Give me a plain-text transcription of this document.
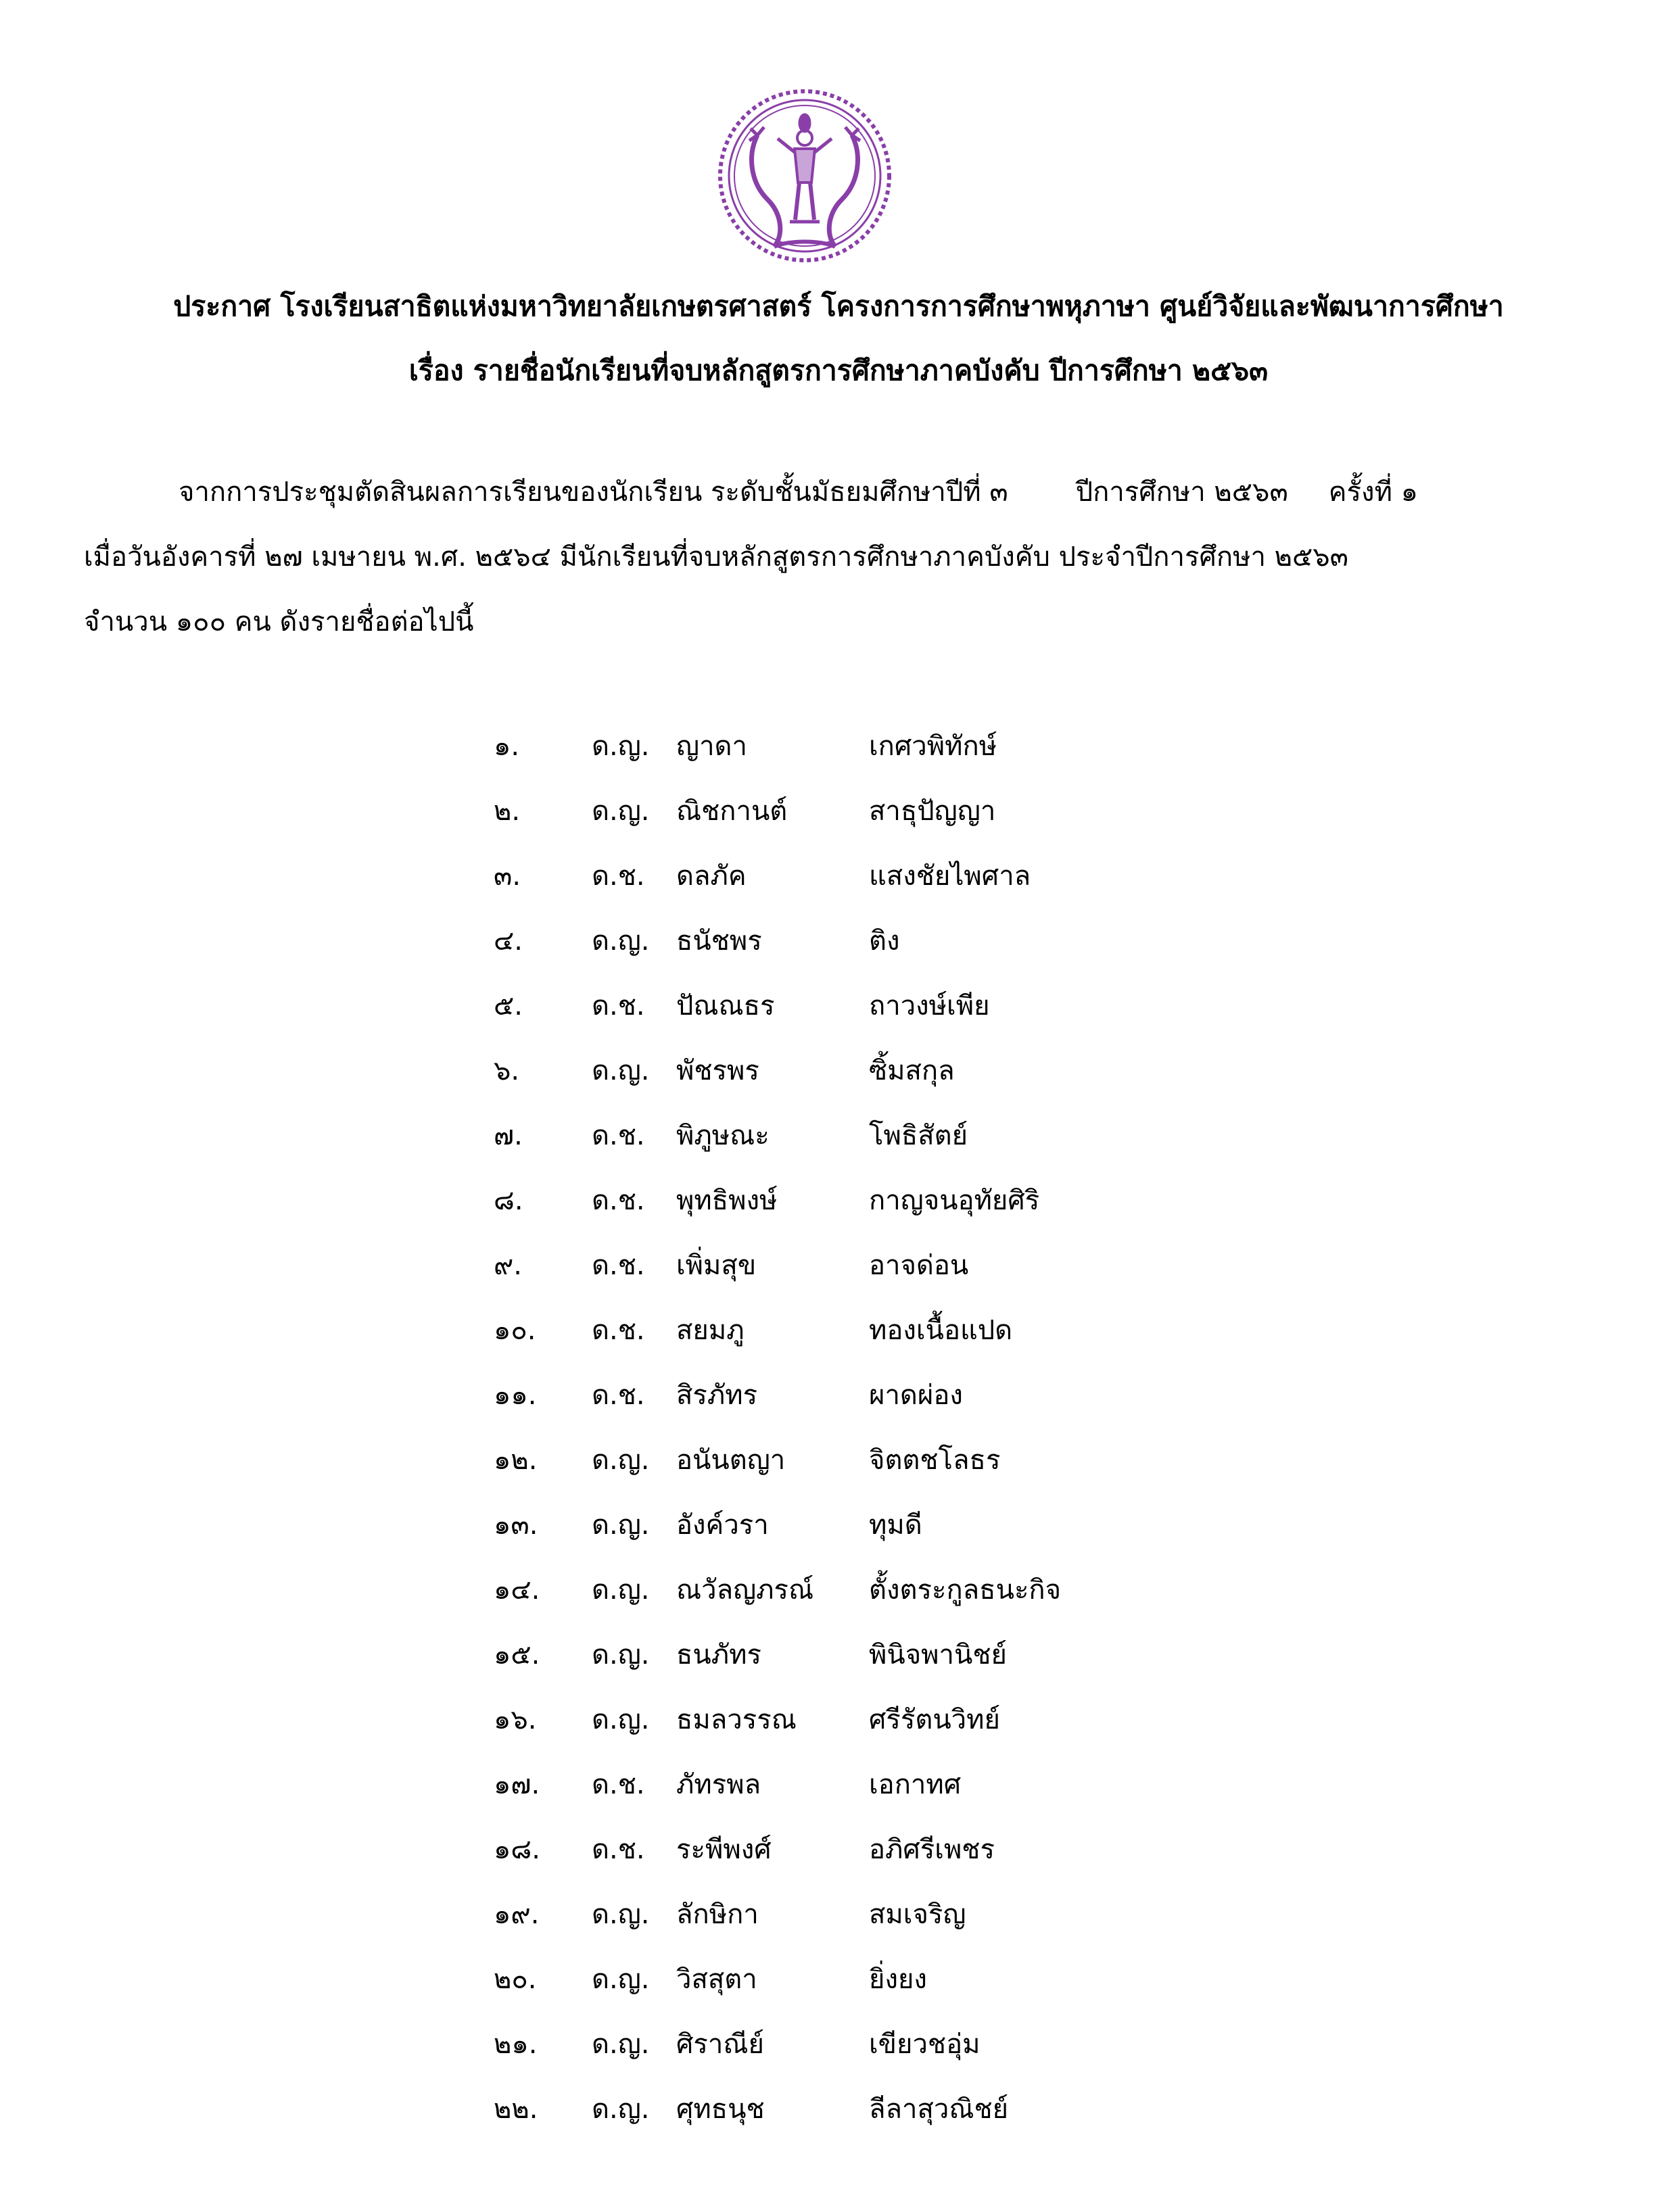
ประกาศ โรงเรียนสาธิตแห่งมหาวิทยาลัยเกษตรศาสตร์ โครงการการศึกษาพหุภาษา ศูนย์วิจัยและพัฒนาการศึกษา
เรื่อง รายชื่อนักเรียนที่จบหลักสูตรการศึกษาภาคบังคับ ปีการศึกษา ๒๕๖๓
จากการประชุมตัดสินผลการเรียนของนักเรียน ระดับชั้นมัธยมศึกษาปีที่ ๓	ปีการศึกษา ๒๕๖๓ ครั้งที่ ๑
เมื่อวันอังคารที่ ๒๗ เมษายน พ.ศ. ๒๕๖๔ มีนักเรียนที่จบหลักสูตรการศึกษาภาคบังคับ ประจำปีการศึกษา ๒๕๖๓
จำนวน ๑๐๐ คน ดังรายชื่อต่อไปนี้
๑.	ด.ญ. ญาดา	เกศวพิทักษ์
๒.	ด.ญ. ณิชกานต์	สาธุปัญญา
๓.	ด.ช.	ดลภัค	แสงชัยไพศาล
๔.	ด.ญ. ธนัชพร	ติง
๕.	ด.ช.	ปัณณธร	ถาวงษ์เพีย
๖.	ด.ญ. พัชรพร	ซิ้มสกุล
๗.	ด.ช.	พิภูษณะ	โพธิสัตย์
๘.	ด.ช.	พุทธิพงษ์	กาญจนอุทัยศิริ
๙.	ด.ช.	เพิ่มสุข	อาจด่อน
๑๐.	ด.ช.	สยมภู	ทองเนื้อแปด
๑๑.	ด.ช.	สิรภัทร	ผาดผ่อง
๑๒.	ด.ญ. อนันตญา	จิตตชโลธร
๑๓.	ด.ญ. อังค์วรา	ทุมดี
๑๔.	ด.ญ. ณวัลญภรณ์	ตั้งตระกูลธนะกิจ
๑๕.	ด.ญ. ธนภัทร	พินิจพานิชย์
๑๖.	ด.ญ. ธมลวรรณ	ศรีรัตนวิทย์
๑๗.	ด.ช.	ภัทรพล	เอกาทศ
๑๘.	ด.ช.	ระพีพงศ์	อภิศรีเพชร
๑๙.	ด.ญ. ลักษิกา	สมเจริญ
๒๐.	ด.ญ. วิสสุตา	ยิ่งยง
๒๑.	ด.ญ. ศิราณีย์	เขียวชอุ่ม
๒๒.	ด.ญ. ศุทธนุช	ลีลาสุวณิชย์
